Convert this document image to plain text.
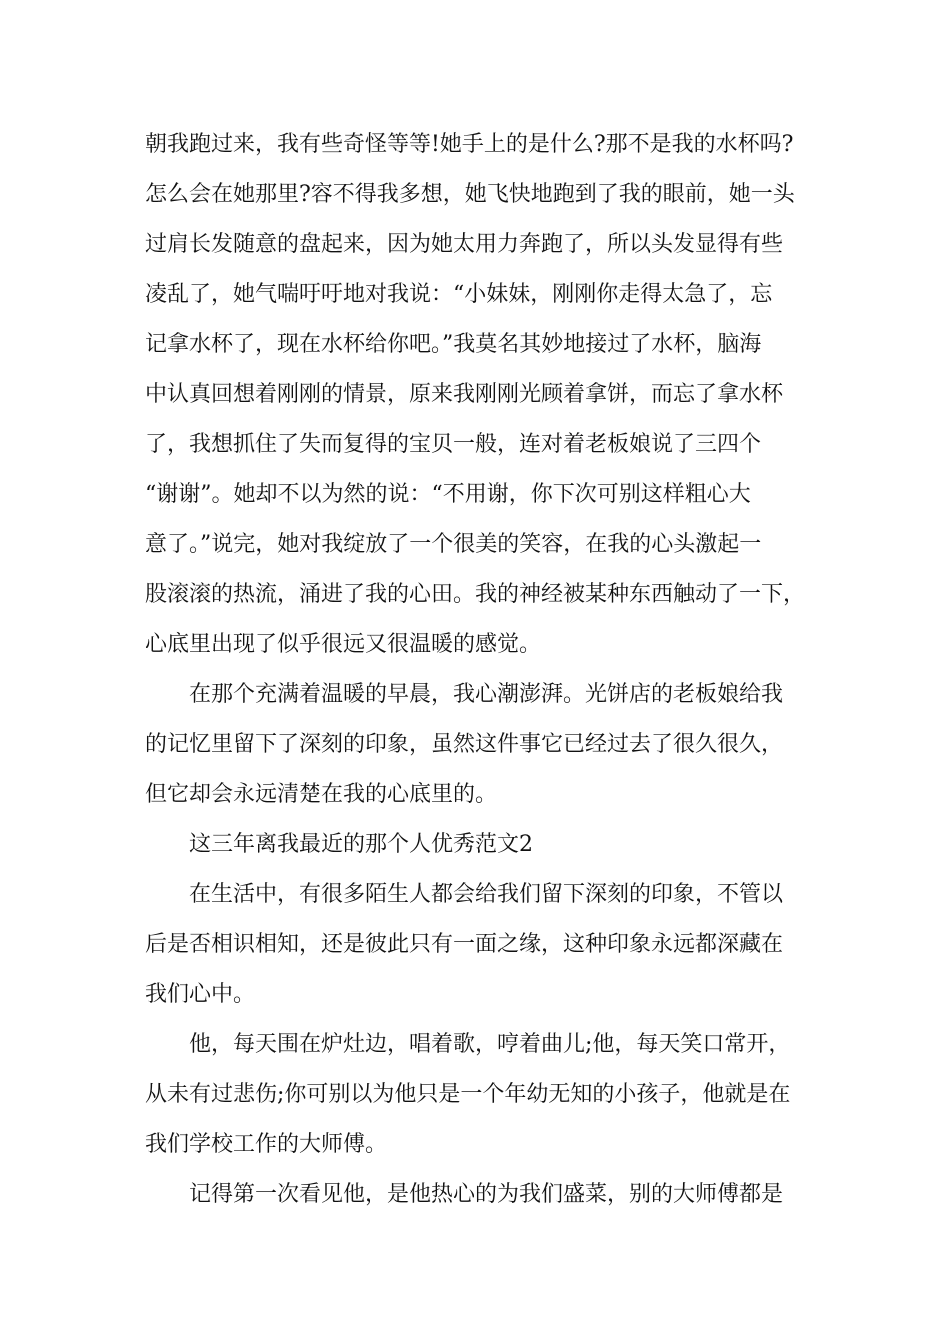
朝我跑过来，我有些奇怪等等!她手上的是什么?那不是我的水杯吗?
怎么会在她那里?容不得我多想，她飞快地跑到了我的眼前，她一头
过肩长发随意的盘起来，因为她太用力奔跑了，所以头发显得有些
凌乱了，她气喘吁吁地对我说：“小妹妹，刚刚你走得太急了，忘
记拿水杯了，现在水杯给你吧。”我莫名其妙地接过了水杯，脑海
中认真回想着刚刚的情景，原来我刚刚光顾着拿饼，而忘了拿水杯
了，我想抓住了失而复得的宝贝一般，连对着老板娘说了三四个
“谢谢”。她却不以为然的说：“不用谢，你下次可别这样粗心大
意了。”说完，她对我绽放了一个很美的笑容，在我的心头激起一
股滚滚的热流，涌进了我的心田。我的神经被某种东西触动了一下，
心底里出现了似乎很远又很温暖的感觉。
在那个充满着温暖的早晨，我心潮澎湃。光饼店的老板娘给我
的记忆里留下了深刻的印象，虽然这件事它已经过去了很久很久，
但它却会永远清楚在我的心底里的。
这三年离我最近的那个人优秀范文2
在生活中，有很多陌生人都会给我们留下深刻的印象，不管以
后是否相识相知，还是彼此只有一面之缘，这种印象永远都深藏在
我们心中。
他，每天围在炉灶边，唱着歌，哼着曲儿;他，每天笑口常开，
从未有过悲伤;你可别以为他只是一个年幼无知的小孩子，他就是在
我们学校工作的大师傅。
记得第一次看见他，是他热心的为我们盛菜，别的大师傅都是
